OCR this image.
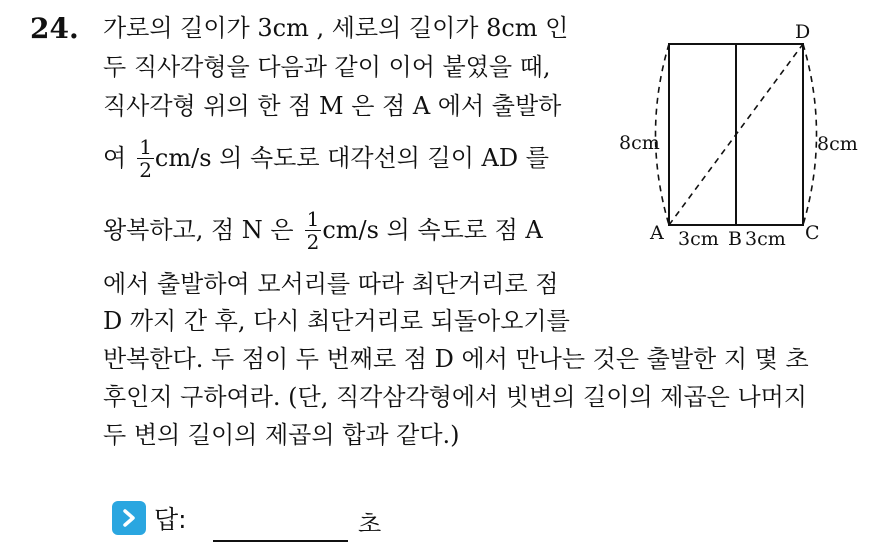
24. 가로의 길이가 3cm , 세로의 길이가 8cm 인
두 직사각형을 다음과 같이 이어 붙였을 때,
직사각형 위의 한 점 M 은 점 A 에서 출발하
여 $\frac{1}{2} cm/s$ 의 속도로 대각선의 길이 AD 를
왕복하고, 점 N 은 $\frac{1}{2} cm/s$ 의 속도로 점 A
에서 출발하여 모서리를 따라 최단거리로 점
D 까지 간 후, 다시 최단거리로 되돌아오기를
반복한다. 두 점이 두 번째로 점 D 에서 만나는 것은 출발한 지 몇 초
후인지 구하여라. (단, 직각삼각형에서 빗변의 길이의 제곱은 나머지
두 변의 길이의 제곱의 합과 같다.)
D
A	B	C
8cm	8cm
3cm 3cm
답:	초
